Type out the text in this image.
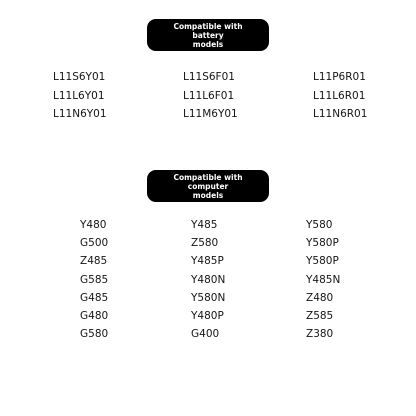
Compatible with battery
models
L11S6Y01	L11S6F01	L11P6R01
L11L6Y01	L11L6F01	L11L6R01
L11N6Y01	L11M6Y01	L11N6R01
Compatible with computer
models
Y480	Y485	Y580
G500	Z580	Y580P
Z485	Y485P	Y580P
G585	Y480N	Y485N
G485	Y580N	Z480
G480	Y480P	Z585
G580	G400	Z380
